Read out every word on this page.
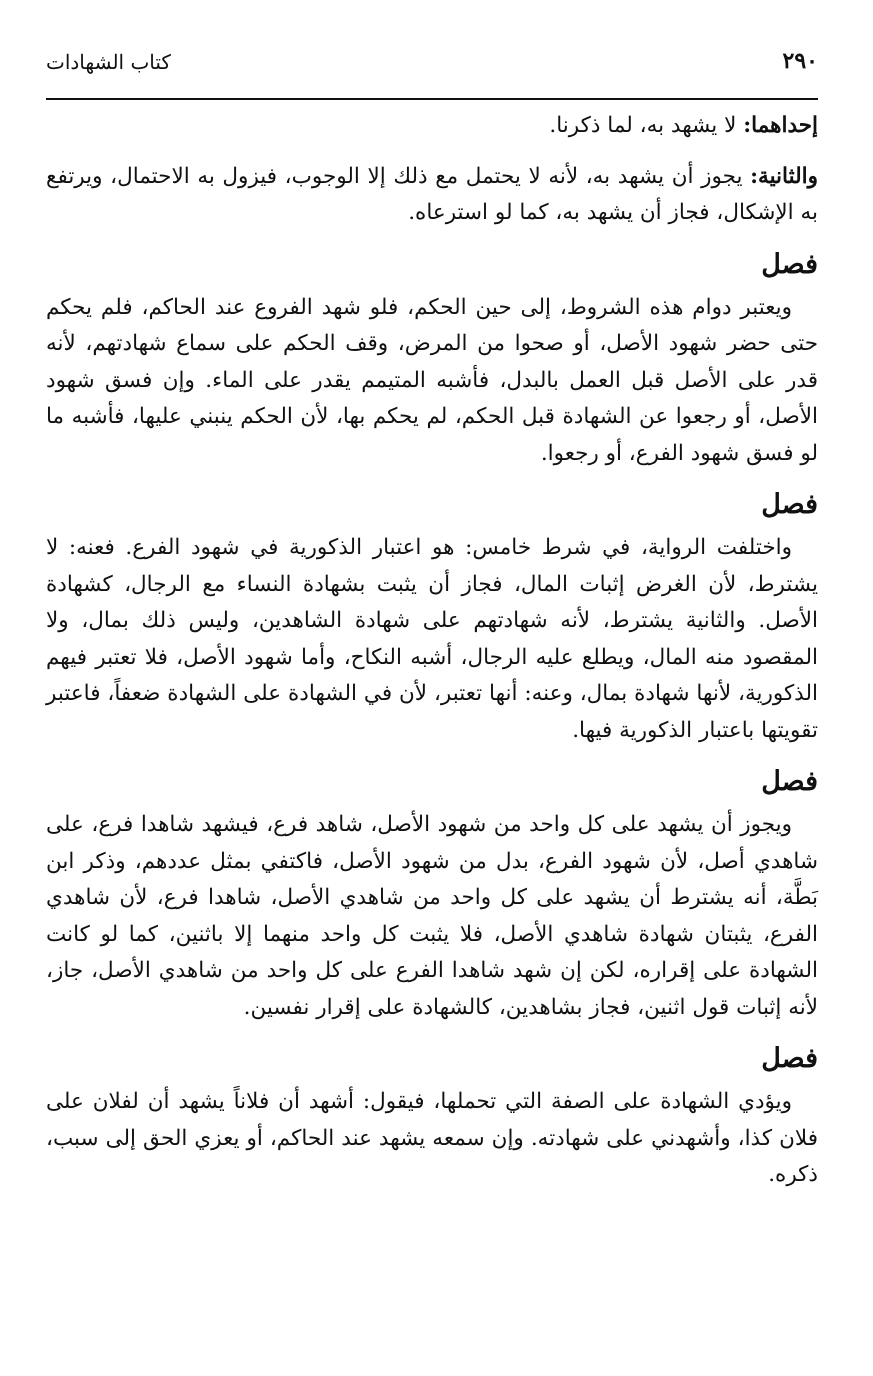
٢٩٠
كتاب الشهادات

إحداهما: لا يشهد به، لما ذكرنا.

والثانية: يجوز أن يشهد به، لأنه لا يحتمل مع ذلك إلا الوجوب، فيزول به الاحتمال، ويرتفع به الإشكال، فجاز أن يشهد به، كما لو استرعاه.

فصل

ويعتبر دوام هذه الشروط، إلى حين الحكم، فلو شهد الفروع عند الحاكم، فلم يحكم حتى حضر شهود الأصل، أو صحوا من المرض، وقف الحكم على سماع شهادتهم، لأنه قدر على الأصل قبل العمل بالبدل، فأشبه المتيمم يقدر على الماء. وإن فسق شهود الأصل، أو رجعوا عن الشهادة قبل الحكم، لم يحكم بها، لأن الحكم ينبني عليها، فأشبه ما لو فسق شهود الفرع، أو رجعوا.

فصل

واختلفت الرواية، في شرط خامس: هو اعتبار الذكورية في شهود الفرع. فعنه: لا يشترط، لأن الغرض إثبات المال، فجاز أن يثبت بشهادة النساء مع الرجال، كشهادة الأصل. والثانية يشترط، لأنه شهادتهم على شهادة الشاهدين، وليس ذلك بمال، ولا المقصود منه المال، ويطلع عليه الرجال، أشبه النكاح، وأما شهود الأصل، فلا تعتبر فيهم الذكورية، لأنها شهادة بمال، وعنه: أنها تعتبر، لأن في الشهادة على الشهادة ضعفاً، فاعتبر تقويتها باعتبار الذكورية فيها.

فصل

ويجوز أن يشهد على كل واحد من شهود الأصل، شاهد فرع، فيشهد شاهدا فرع، على شاهدي أصل، لأن شهود الفرع، بدل من شهود الأصل، فاكتفي بمثل عددهم، وذكر ابن بَطَّة، أنه يشترط أن يشهد على كل واحد من شاهدي الأصل، شاهدا فرع، لأن شاهدي الفرع، يثبتان شهادة شاهدي الأصل، فلا يثبت كل واحد منهما إلا باثنين، كما لو كانت الشهادة على إقراره، لكن إن شهد شاهدا الفرع على كل واحد من شاهدي الأصل، جاز، لأنه إثبات قول اثنين، فجاز بشاهدين، كالشهادة على إقرار نفسين.

فصل

ويؤدي الشهادة على الصفة التي تحملها، فيقول: أشهد أن فلاناً يشهد أن لفلان على فلان كذا، وأشهدني على شهادته. وإن سمعه يشهد عند الحاكم، أو يعزي الحق إلى سبب، ذكره.
